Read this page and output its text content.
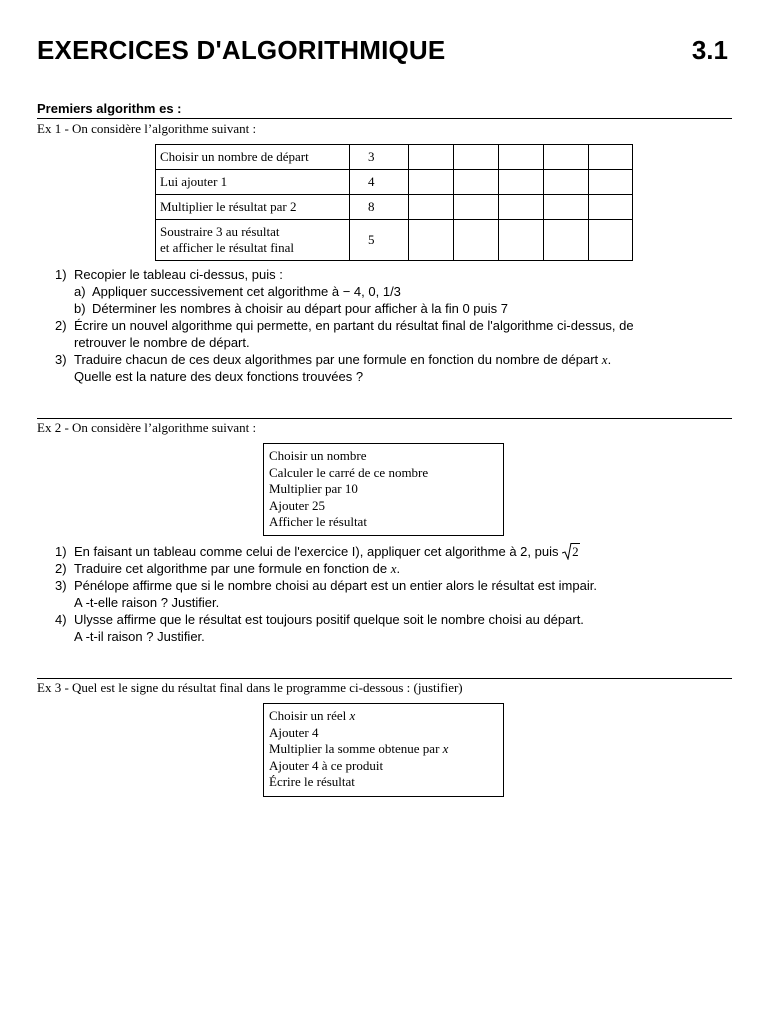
EXERCICES D'ALGORITHMIQUE	3.1
Premiers algorithm es :
Ex 1 - On considère l’algorithme suivant :
Choisir un nombre de départ	3					
Lui ajouter 1	4					
Multiplier le résultat par 2	8					

Soustraire 3 au résultat
et afficher le résultat final	5					
1) Recopier le tableau ci-dessus, puis :
a) Appliquer successivement cet algorithme à − 4, 0, 1/3
b) Déterminer les nombres à choisir au départ pour afficher à la fin 0 puis 7
2) Écrire un nouvel algorithme qui permette, en partant du résultat final de l'algorithme ci-dessus, de
retrouver le nombre de départ.
3) Traduire chacun de ces deux algorithmes par une formule en fonction du nombre de départ x.
Quelle est la nature des deux fonctions trouvées ?
Ex 2 - On considère l’algorithme suivant :
Choisir un nombre
Calculer le carré de ce nombre
Multiplier par 10
Ajouter 25
Afficher le résultat
1) En faisant un tableau comme celui de l'exercice I), appliquer cet algorithme à 2, puis 2
2) Traduire cet algorithme par une formule en fonction de x.
3) Pénélope affirme que si le nombre choisi au départ est un entier alors le résultat est impair.
A -t-elle raison ? Justifier.
4) Ulysse affirme que le résultat est toujours positif quelque soit le nombre choisi au départ.
A -t-il raison ? Justifier.
Ex 3 - Quel est le signe du résultat final dans le programme ci-dessous : (justifier)
Choisir un réel x
Ajouter 4
Multiplier la somme obtenue par x
Ajouter 4 à ce produit
Écrire le résultat
